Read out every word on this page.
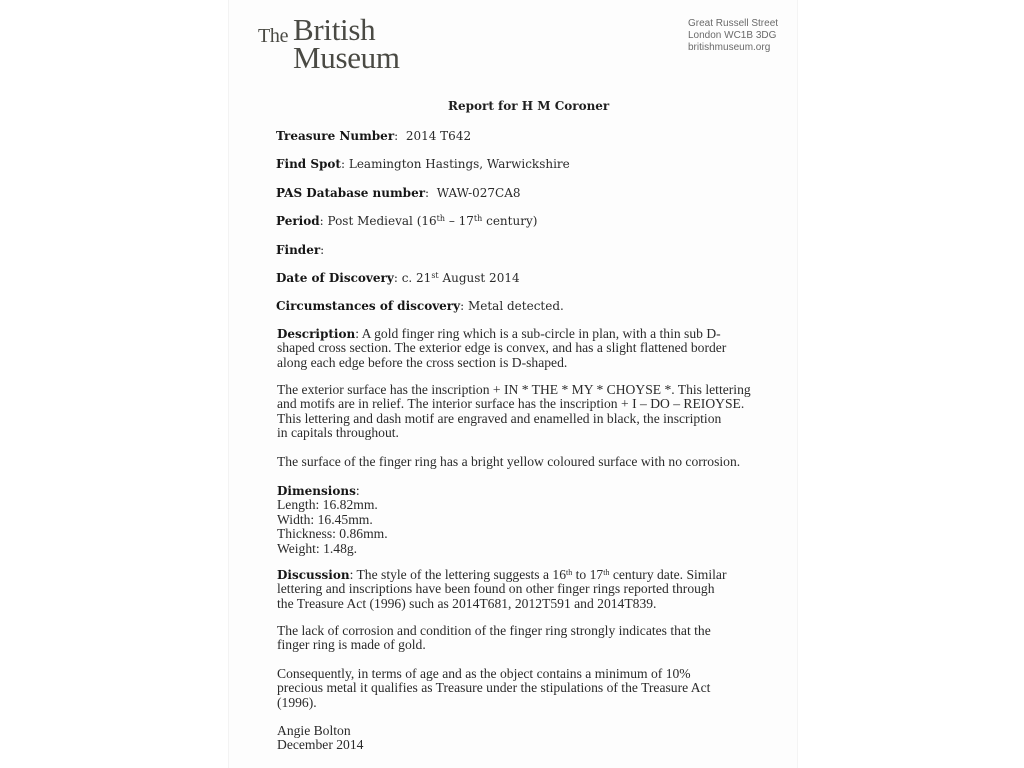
The British
Museum
Great Russell Street
London WC1B 3DG
britishmuseum.org
Report for H M Coroner
Treasure Number:  2014 T642
Find Spot: Leamington Hastings, Warwickshire
PAS Database number:  WAW-027CA8
Period: Post Medieval (16th – 17th century)
Finder:
Date of Discovery: c. 21st August 2014
Circumstances of discovery: Metal detected.
Description: A gold finger ring which is a sub-circle in plan, with a thin sub D-
shaped cross section. The exterior edge is convex, and has a slight flattened border
along each edge before the cross section is D-shaped.
The exterior surface has the inscription + IN * THE * MY * CHOYSE *. This lettering
and motifs are in relief. The interior surface has the inscription + I – DO – REIOYSE.
This lettering and dash motif are engraved and enamelled in black, the inscription
in capitals throughout.
The surface of the finger ring has a bright yellow coloured surface with no corrosion.
Dimensions:
Length: 16.82mm.
Width: 16.45mm.
Thickness: 0.86mm.
Weight: 1.48g.
Discussion: The style of the lettering suggests a 16th to 17th century date. Similar
lettering and inscriptions have been found on other finger rings reported through
the Treasure Act (1996) such as 2014T681, 2012T591 and 2014T839.
The lack of corrosion and condition of the finger ring strongly indicates that the
finger ring is made of gold.
Consequently, in terms of age and as the object contains a minimum of 10%
precious metal it qualifies as Treasure under the stipulations of the Treasure Act
(1996).
Angie Bolton
December 2014
